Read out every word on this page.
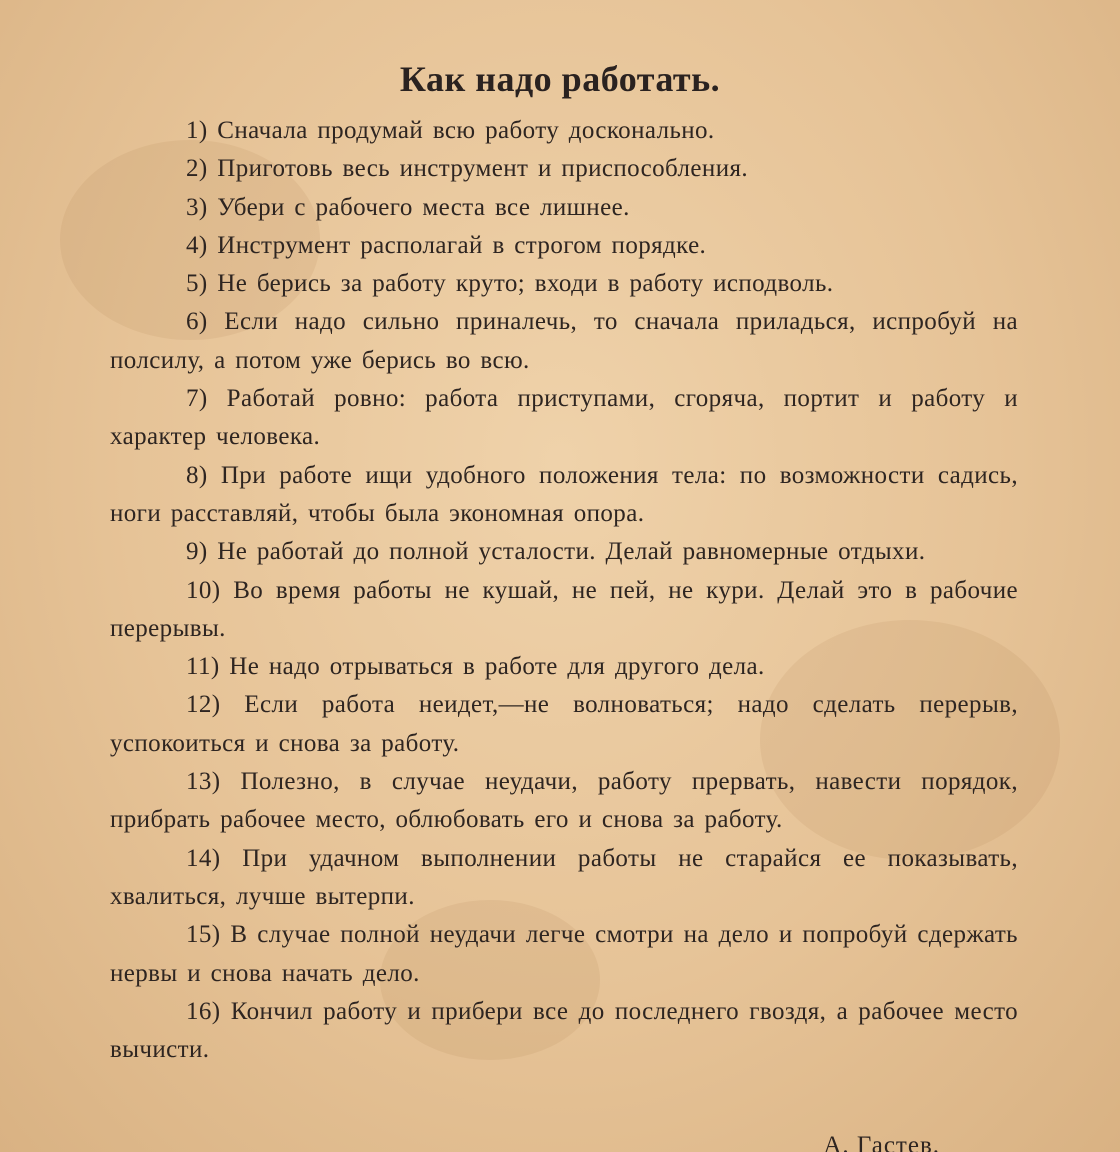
Как надо работать.

1) Сначала продумай всю работу досконально.

2) Приготовь весь инструмент и приспособления.

3) Убери с рабочего места все лишнее.

4) Инструмент располагай в строгом порядке.

5) Не берись за работу круто; входи в работу исподволь.

6) Если надо сильно приналечь, то сначала приладься, испробуй на полсилу, а потом уже берись во всю.

7) Работай ровно: работа приступами, сгоряча, портит и работу и характер человека.

8) При работе ищи удобного положения тела: по возможности садись, ноги расставляй, чтобы была экономная опора.

9) Не работай до полной усталости. Делай равномерные отдыхи.

10) Во время работы не кушай, не пей, не кури. Делай это в рабочие перерывы.

11) Не надо отрываться в работе для другого дела.

12) Если работа неидет,—не волноваться; надо сделать перерыв, успокоиться и снова за работу.

13) Полезно, в случае неудачи, работу прервать, навести порядок, прибрать рабочее место, облюбовать его и снова за работу.

14) При удачном выполнении работы не старайся ее показывать, хвалиться, лучше вытерпи.

15) В случае полной неудачи легче смотри на дело и попробуй сдержать нервы и снова начать дело.

16) Кончил работу и прибери все до последнего гвоздя, а рабочее место вычисти.

А. Гастев.
